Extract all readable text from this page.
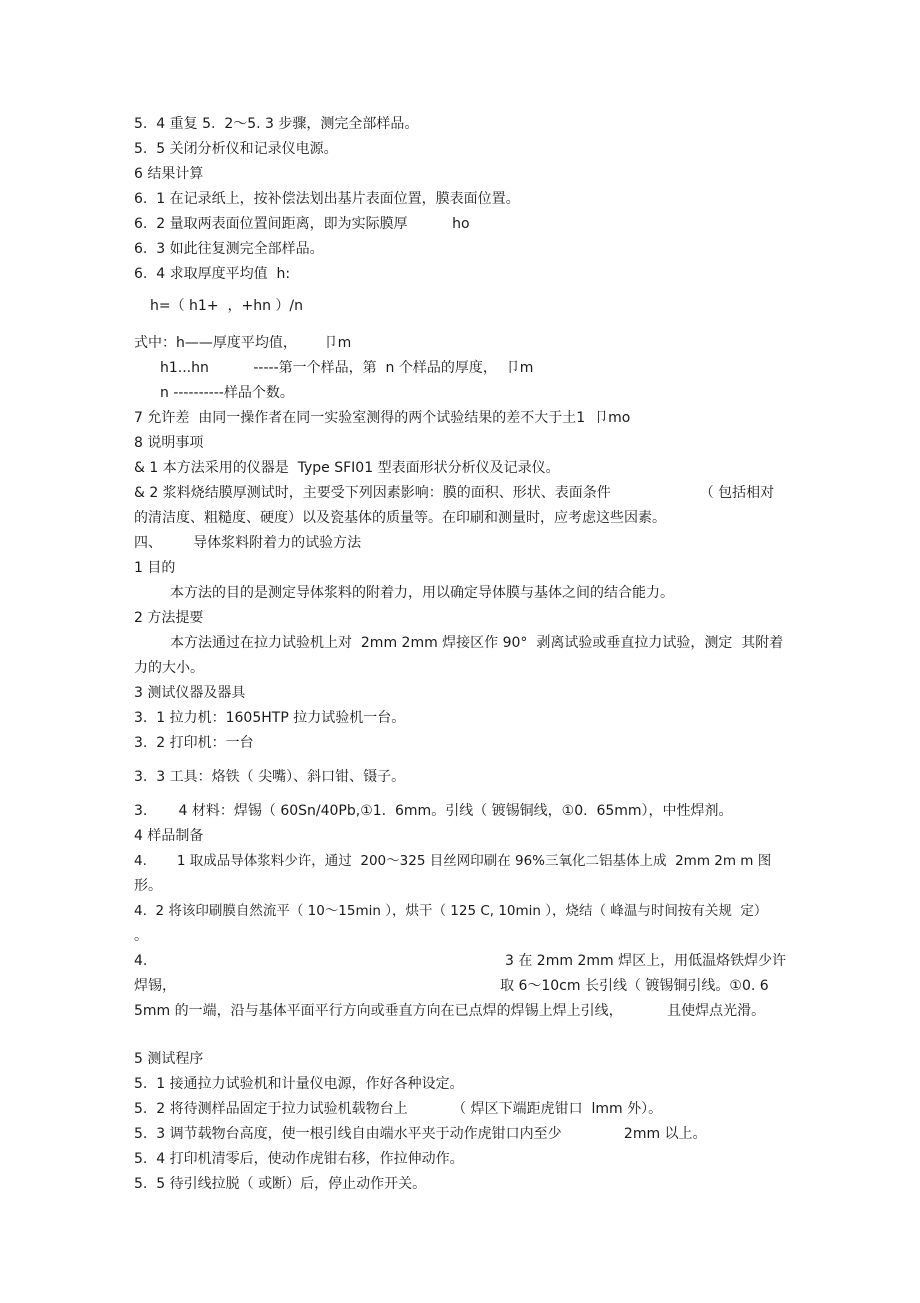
5.  4 重复 5.  2〜5. 3 步骤，测完全部样品。
5.  5 关闭分析仪和记录仪电源。
6 结果计算
6.  1 在记录纸上，按补偿法划出基片表面位置，膜表面位置。
6.  2 量取两表面位置间距离，即为实际膜厚          ho
6.  3 如此往复测完全部样品。
6.  4 求取厚度平均值  h:
h=（ h1+  ，+hn ）/n
式中：h——厚度平均值，      卩m
h1...hn          -----第一个样品，第  n 个样品的厚度，  卩m
n ----------样品个数。
7 允许差  由同一操作者在同一实验室测得的两个试验结果的差不大于土1  卩mo
8 说明事项
& 1 本方法采用的仪器是  Type SFI01 型表面形状分析仪及记录仪。
& 2 浆料烧结膜厚测试时，主要受下列因素影响：膜的面积、形状、表面条件                    （ 包括相对
的清洁度、粗糙度、硬度）以及瓷基体的质量等。在印刷和测量时，应考虑这些因素。
四、       导体浆料附着力的试验方法
1 目的
本方法的目的是测定导体浆料的附着力，用以确定导体膜与基体之间的结合能力。
2 方法提要
本方法通过在拉力试验机上对  2mm 2mm 焊接区作 90°  剥离试验或垂直拉力试验，测定  其附着
力的大小。
3 测试仪器及器具
3.  1 拉力机：1605HTP 拉力试验机一台。
3.  2 打印机：一台
3.  3 工具：烙铁（ 尖嘴）、斜口钳、镊子。
3.       4 材料：焊锡（ 60Sn/40Pb,①1.  6mm。引线（ 镀锡铜线，①0.  65mm），中性焊剂。
4 样品制备
4.       1 取成品导体浆料少许，通过  200〜325 目丝网印刷在 96%三氧化二铝基体上成  2mm 2m m 图
形。
4.  2 将该印刷膜自然流平（ 10〜15min ），烘干（ 125 C, 10min ），烧结（ 峰温与时间按有关规  定）
。
4.	3 在 2mm 2mm 焊区上，用低温烙铁焊少许
焊锡，	取 6〜10cm 长引线（ 镀锡铜引线。①0. 6
5mm 的一端，沿与基体平面平行方向或垂直方向在已点焊的焊锡上焊上引线，          且使焊点光滑。
5 测试程序
5.  1 接通拉力试验机和计量仪电源，作好各种设定。
5.  2 将待测样品固定于拉力试验机载物台上          （ 焊区下端距虎钳口  lmm 外）。
5.  3 调节载物台高度，使一根引线自由端水平夹于动作虎钳口内至少              2mm 以上。
5.  4 打印机清零后，使动作虎钳右移，作拉伸动作。
5.  5 待引线拉脱（ 或断）后，停止动作开关。
